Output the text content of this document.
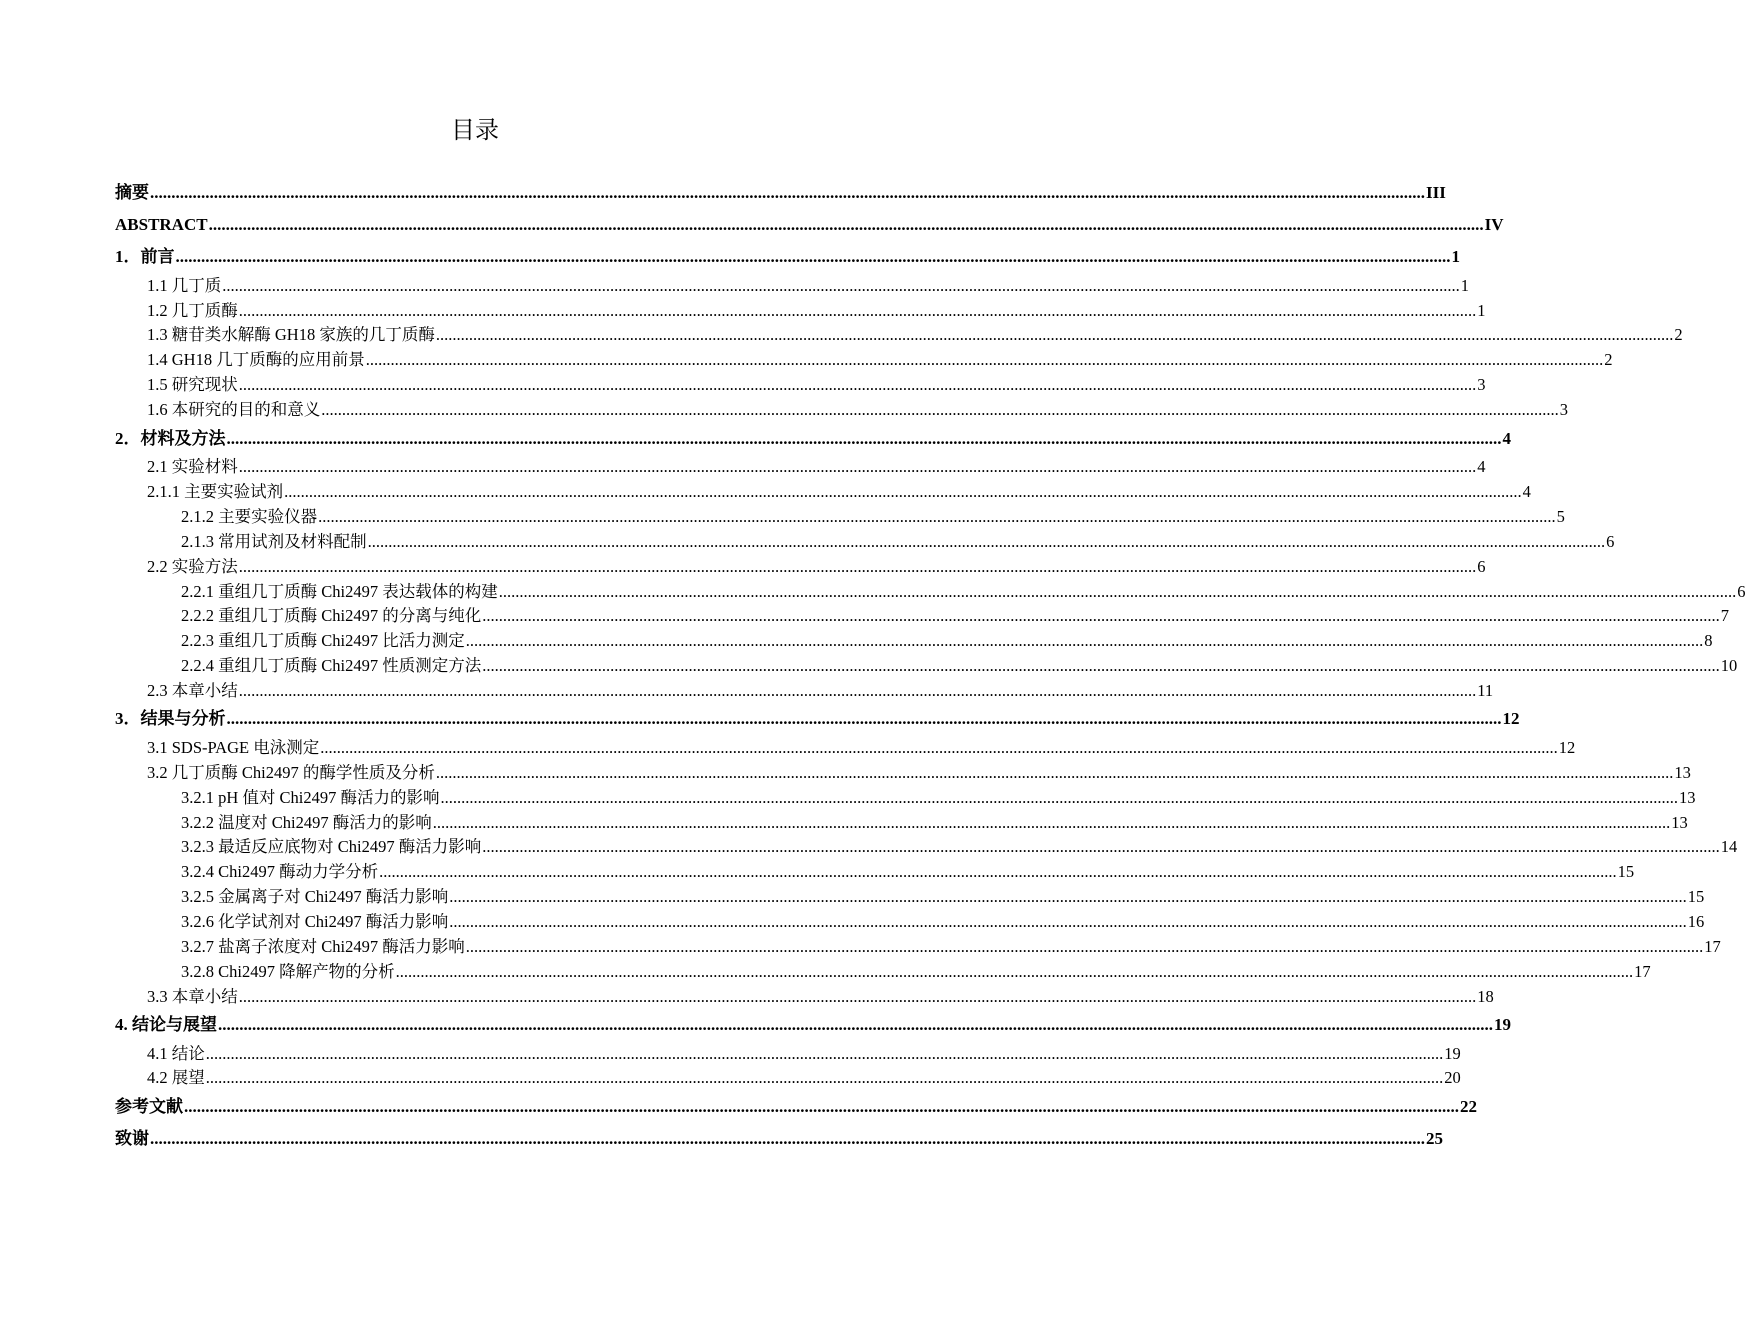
目录
摘要 ............................................................................................................................................................................................................................................................................................................ III
ABSTRACT ............................................................................................................................................................................................................................................................................................................ IV
1．前言 ............................................................................................................................................................................................................................................................................................................ 1
1.1 几丁质 ............................................................................................................................................................................................................................................................................................................ 1
1.2 几丁质酶 ............................................................................................................................................................................................................................................................................................................ 1
1.3 糖苷类水解酶 GH18 家族的几丁质酶 ............................................................................................................................................................................................................................................................................................................ 2
1.4 GH18 几丁质酶的应用前景 ............................................................................................................................................................................................................................................................................................................ 2
1.5 研究现状 ............................................................................................................................................................................................................................................................................................................ 3
1.6 本研究的目的和意义 ............................................................................................................................................................................................................................................................................................................ 3
2．材料及方法 ............................................................................................................................................................................................................................................................................................................ 4
2.1 实验材料 ............................................................................................................................................................................................................................................................................................................ 4
2.1.1 主要实验试剂 ............................................................................................................................................................................................................................................................................................................ 4
2.1.2 主要实验仪器 ............................................................................................................................................................................................................................................................................................................ 5
2.1.3 常用试剂及材料配制 ............................................................................................................................................................................................................................................................................................................ 6
2.2 实验方法 ............................................................................................................................................................................................................................................................................................................ 6
2.2.1 重组几丁质酶 Chi2497 表达载体的构建 ............................................................................................................................................................................................................................................................................................................ 6
2.2.2 重组几丁质酶 Chi2497 的分离与纯化 ............................................................................................................................................................................................................................................................................................................ 7
2.2.3 重组几丁质酶 Chi2497 比活力测定 ............................................................................................................................................................................................................................................................................................................ 8
2.2.4 重组几丁质酶 Chi2497 性质测定方法 ............................................................................................................................................................................................................................................................................................................ 10
2.3 本章小结 ............................................................................................................................................................................................................................................................................................................ 11
3．结果与分析 ............................................................................................................................................................................................................................................................................................................ 12
3.1 SDS-PAGE 电泳测定 ............................................................................................................................................................................................................................................................................................................ 12
3.2 几丁质酶 Chi2497 的酶学性质及分析 ............................................................................................................................................................................................................................................................................................................ 13
3.2.1 pH 值对 Chi2497 酶活力的影响 ............................................................................................................................................................................................................................................................................................................ 13
3.2.2 温度对 Chi2497 酶活力的影响 ............................................................................................................................................................................................................................................................................................................ 13
3.2.3 最适反应底物对 Chi2497 酶活力影响 ............................................................................................................................................................................................................................................................................................................ 14
3.2.4 Chi2497 酶动力学分析 ............................................................................................................................................................................................................................................................................................................ 15
3.2.5 金属离子对 Chi2497 酶活力影响 ............................................................................................................................................................................................................................................................................................................ 15
3.2.6 化学试剂对 Chi2497 酶活力影响 ............................................................................................................................................................................................................................................................................................................ 16
3.2.7 盐离子浓度对 Chi2497 酶活力影响 ............................................................................................................................................................................................................................................................................................................ 17
3.2.8 Chi2497 降解产物的分析 ............................................................................................................................................................................................................................................................................................................ 17
3.3 本章小结 ............................................................................................................................................................................................................................................................................................................ 18
4. 结论与展望 ............................................................................................................................................................................................................................................................................................................ 19
4.1 结论 ............................................................................................................................................................................................................................................................................................................ 19
4.2 展望 ............................................................................................................................................................................................................................................................................................................ 20
参考文献 ............................................................................................................................................................................................................................................................................................................ 22
致谢 ............................................................................................................................................................................................................................................................................................................ 25
